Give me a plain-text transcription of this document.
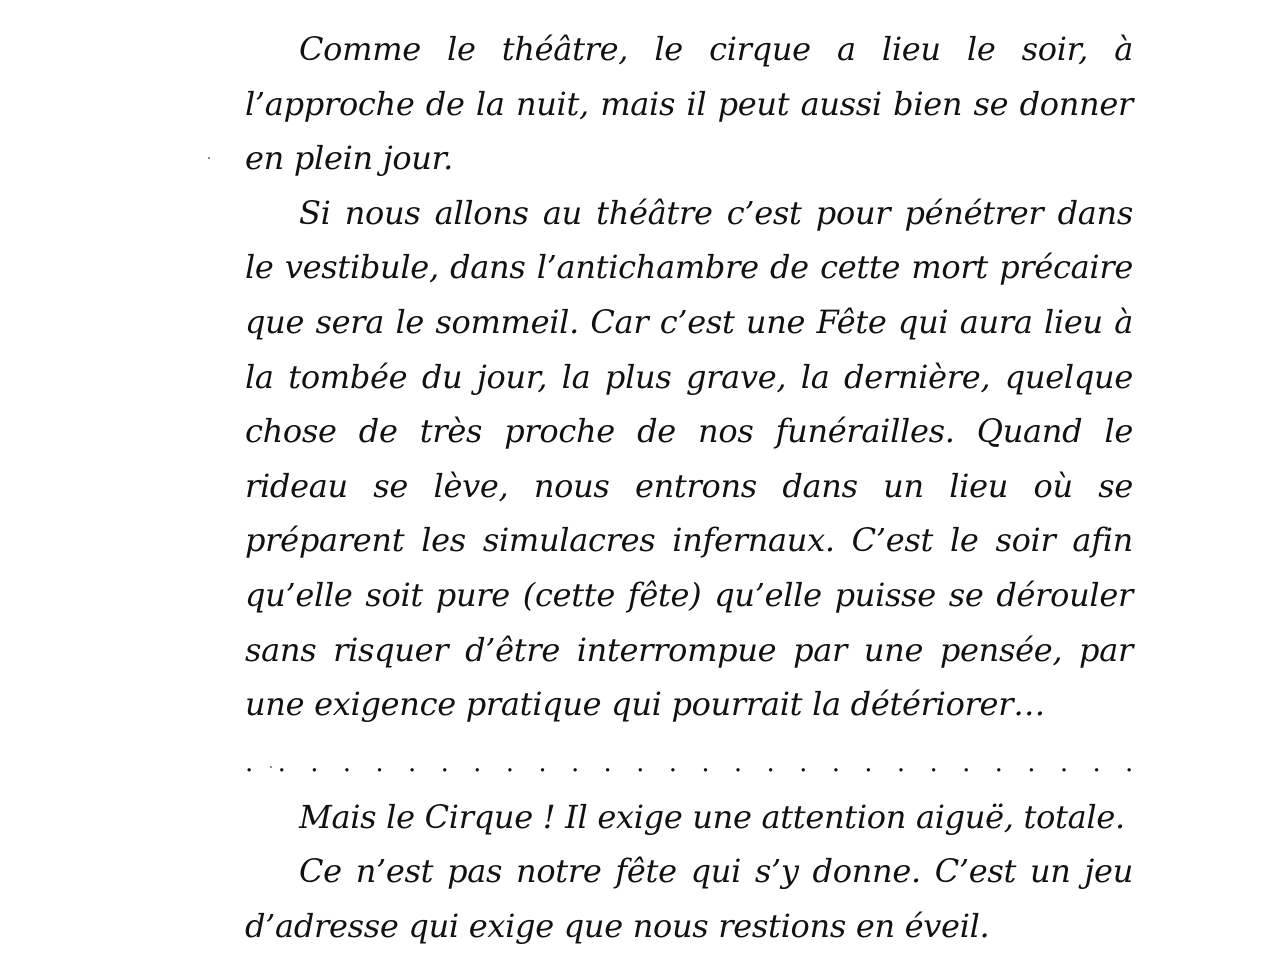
Comme le théâtre, le cirque a lieu le soir, à l’approche de la nuit, mais il peut aussi bien se donner en plein jour.

Si nous allons au théâtre c’est pour pénétrer dans le vestibule, dans l’antichambre de cette mort précaire que sera le sommeil. Car c’est une Fête qui aura lieu à la tombée du jour, la plus grave, la dernière, quelque chose de très proche de nos funérailles. Quand le rideau se lève, nous entrons dans un lieu où se préparent les simulacres infernaux. C’est le soir afin qu’elle soit pure (cette fête) qu’elle puisse se dérouler sans risquer d’être interrompue par une pensée, par une exigence pratique qui pourrait la détériorer…

. . . . . . . . . . . . . . . . . . . . . . . . . . . .

Mais le Cirque ! Il exige une attention aiguë, totale.

Ce n’est pas notre fête qui s’y donne. C’est un jeu d’adresse qui exige que nous restions en éveil.
